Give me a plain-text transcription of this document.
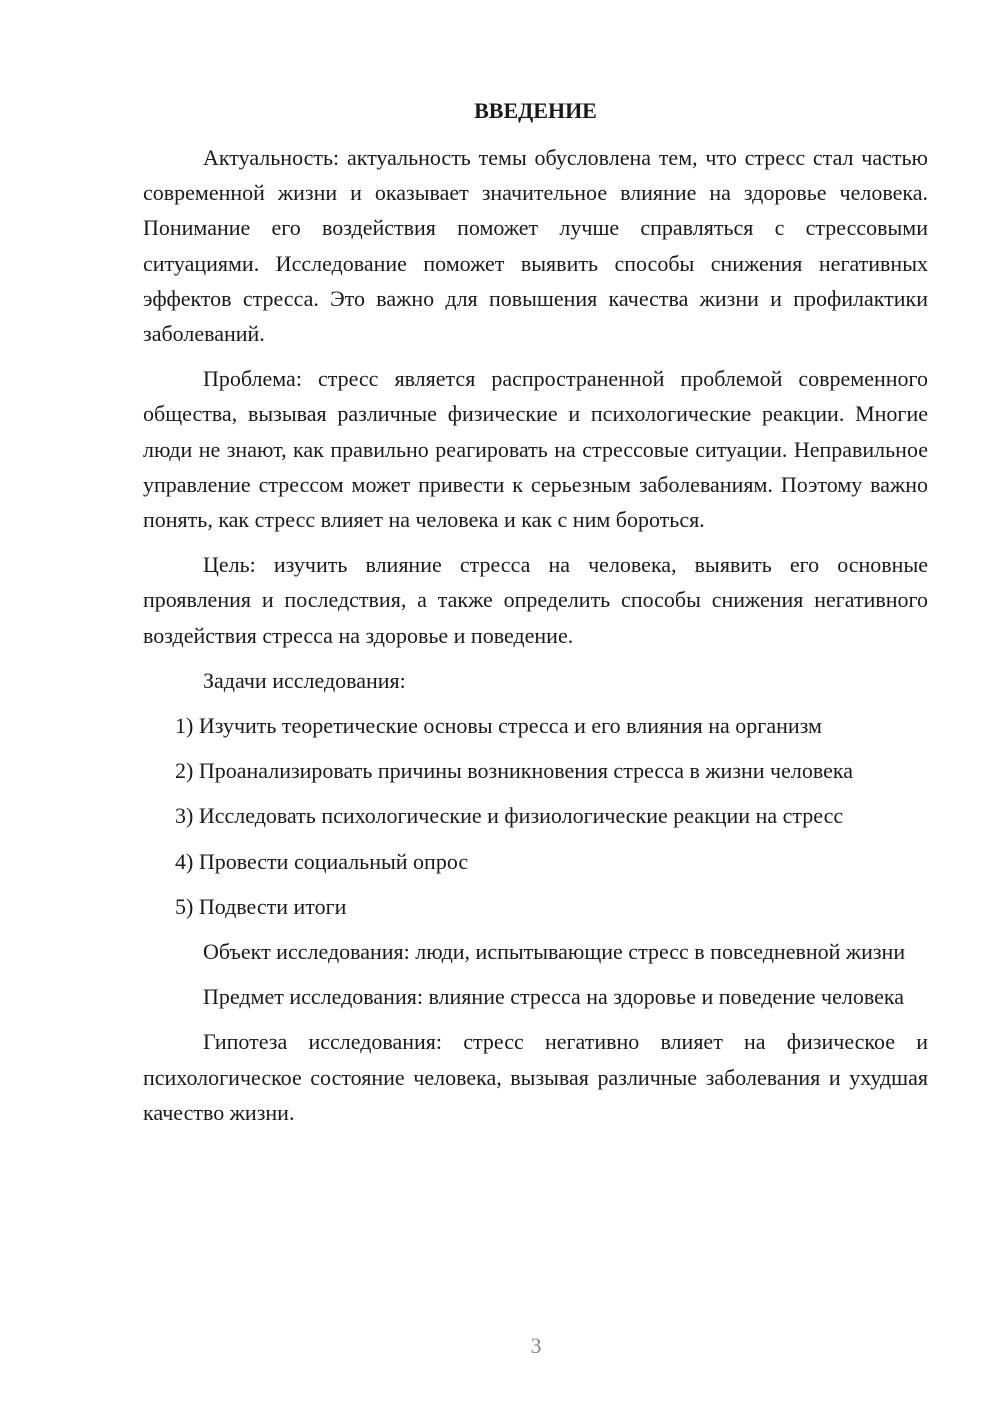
ВВЕДЕНИЕ

Актуальность: актуальность темы обусловлена тем, что стресс стал частью современной жизни и оказывает значительное влияние на здоровье человека. Понимание его воздействия поможет лучше справляться с стрессовыми ситуациями. Исследование поможет выявить способы снижения негативных эффектов стресса. Это важно для повышения качества жизни и профилактики заболеваний.

Проблема: стресс является распространенной проблемой современного общества, вызывая различные физические и психологические реакции. Многие люди не знают, как правильно реагировать на стрессовые ситуации. Неправильное управление стрессом может привести к серьезным заболеваниям. Поэтому важно понять, как стресс влияет на человека и как с ним бороться.

Цель: изучить влияние стресса на человека, выявить его основные проявления и последствия, а также определить способы снижения негативного воздействия стресса на здоровье и поведение.

Задачи исследования:

1) Изучить теоретические основы стресса и его влияния на организм

2) Проанализировать причины возникновения стресса в жизни человека

3) Исследовать психологические и физиологические реакции на стресс

4) Провести социальный опрос

5) Подвести итоги

Объект исследования: люди, испытывающие стресс в повседневной жизни

Предмет исследования: влияние стресса на здоровье и поведение человека

Гипотеза исследования: стресс негативно влияет на физическое и психологическое состояние человека, вызывая различные заболевания и ухудшая качество жизни.

3
